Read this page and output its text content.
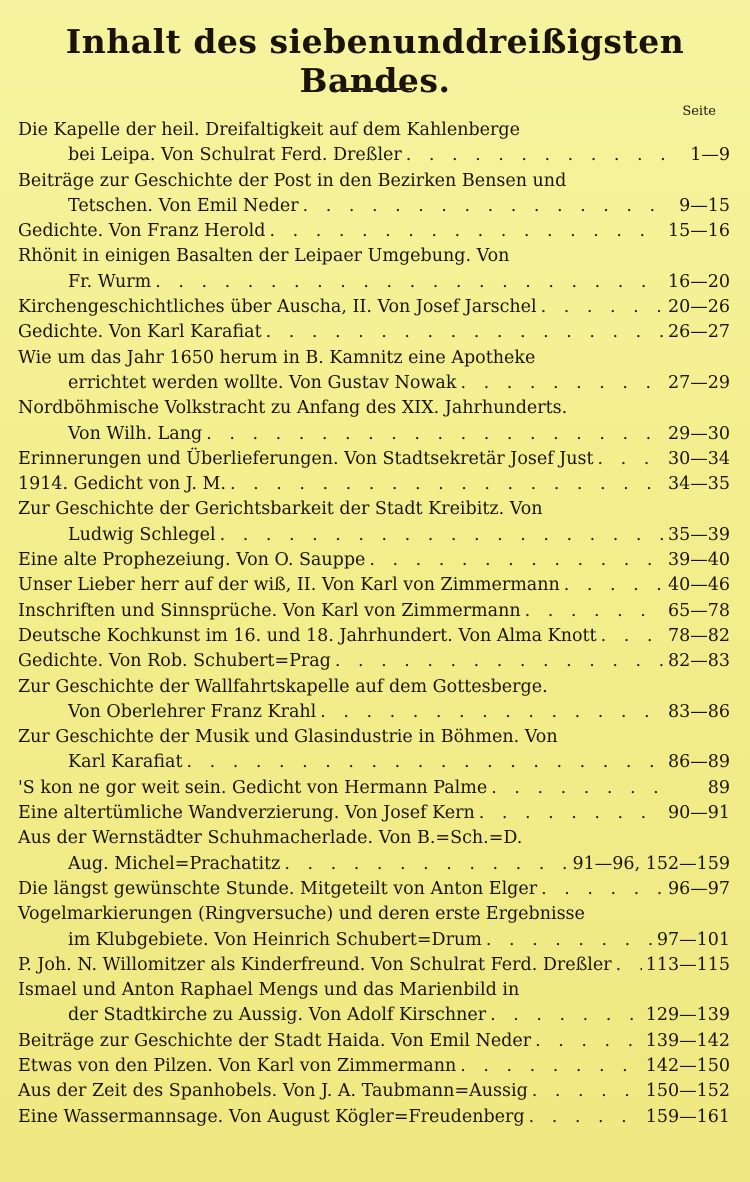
Inhalt des siebenunddreißigsten Bandes.
Seite
Die Kapelle der heil. Dreifaltigkeit auf dem Kahlenberge
bei Leipa. Von Schulrat Ferd. Dreßler . . .	1—9
Beiträge zur Geschichte der Post in den Bezirken Bensen und
Tetschen. Von Emil Neder . . .	9—15
Gedichte. Von Franz Herold . . .	15—16
Rhönit in einigen Basalten der Leipaer Umgebung. Von
Fr. Wurm . . .	16—20
Kirchengeschichtliches über Auscha, II. Von Josef Jarschel . . .	20—26
Gedichte. Von Karl Karafiat . . .	26—27
Wie um das Jahr 1650 herum in B. Kamnitz eine Apotheke
errichtet werden wollte. Von Gustav Nowak . . .	27—29
Nordböhmische Volkstracht zu Anfang des XIX. Jahrhunderts.
Von Wilh. Lang . . .	29—30
Erinnerungen und Überlieferungen. Von Stadtsekretär Josef Just . . .	30—34
1914. Gedicht von J. M. . . .	34—35
Zur Geschichte der Gerichtsbarkeit der Stadt Kreibitz. Von
Ludwig Schlegel . . .	35—39
Eine alte Prophezeiung. Von O. Sauppe . . .	39—40
Unser Lieber herr auf der wiß, II. Von Karl von Zimmermann . . .	40—46
Inschriften und Sinnsprüche. Von Karl von Zimmermann . . .	65—78
Deutsche Kochkunst im 16. und 18. Jahrhundert. Von Alma Knott . . .	78—82
Gedichte. Von Rob. Schubert=Prag . . .	82—83
Zur Geschichte der Wallfahrtskapelle auf dem Gottesberge.
Von Oberlehrer Franz Krahl . . .	83—86
Zur Geschichte der Musik und Glasindustrie in Böhmen. Von
Karl Karafiat . . .	86—89
'S kon ne gor weit sein. Gedicht von Hermann Palme . . .	89
Eine altertümliche Wandverzierung. Von Josef Kern . . .	90—91
Aus der Wernstädter Schuhmacherlade. Von B.=Sch.=D.
Aug. Michel=Prachatitz . . .	91—96, 152—159
Die längst gewünschte Stunde. Mitgeteilt von Anton Elger . . .	96—97
Vogelmarkierungen (Ringversuche) und deren erste Ergebnisse
im Klubgebiete. Von Heinrich Schubert=Drum . . .	97—101
P. Joh. N. Willomitzer als Kinderfreund. Von Schulrat Ferd. Dreßler . . . 113—115
Ismael und Anton Raphael Mengs und das Marienbild in
der Stadtkirche zu Aussig. Von Adolf Kirschner . . .	129—139
Beiträge zur Geschichte der Stadt Haida. Von Emil Neder . . .	139—142
Etwas von den Pilzen. Von Karl von Zimmermann . . .	142—150
Aus der Zeit des Spanhobels. Von J. A. Taubmann=Aussig . . .	150—152
Eine Wassermannsage. Von August Kögler=Freudenberg . . .	159—161
